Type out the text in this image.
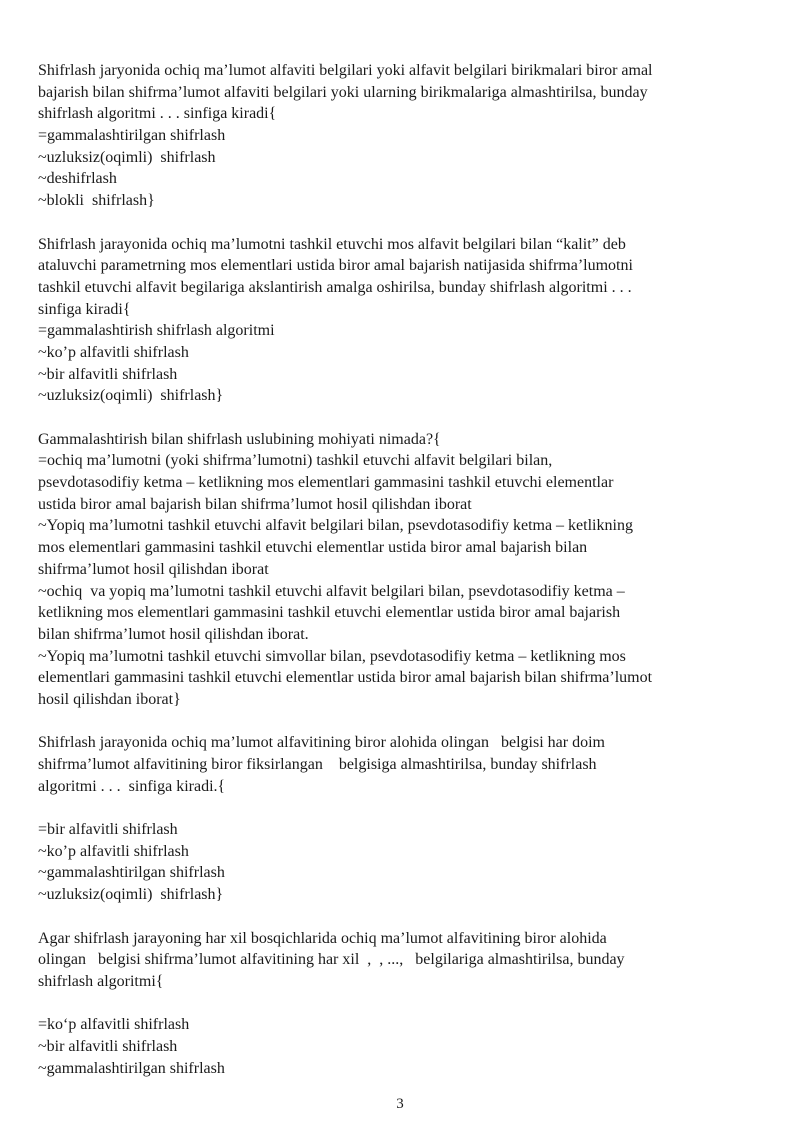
Shifrlash jaryonida ochiq ma’lumot alfaviti belgilari yoki alfavit belgilari birikmalari biror amal
bajarish bilan shifrma’lumot alfaviti belgilari yoki ularning birikmalariga almashtirilsa, bunday
shifrlash algoritmi . . . sinfiga kiradi{
=gammalashtirilgan shifrlash
~uzluksiz(oqimli)  shifrlash
~deshifrlash
~blokli  shifrlash}
Shifrlash jarayonida ochiq ma’lumotni tashkil etuvchi mos alfavit belgilari bilan “kalit” deb
ataluvchi parametrning mos elementlari ustida biror amal bajarish natijasida shifrma’lumotni
tashkil etuvchi alfavit begilariga akslantirish amalga oshirilsa, bunday shifrlash algoritmi . . .
sinfiga kiradi{
=gammalashtirish shifrlash algoritmi
~ko’p alfavitli shifrlash
~bir alfavitli shifrlash
~uzluksiz(oqimli)  shifrlash}
Gammalashtirish bilan shifrlash uslubining mohiyati nimada?{
=ochiq ma’lumotni (yoki shifrma’lumotni) tashkil etuvchi alfavit belgilari bilan,
psevdotasodifiy ketma – ketlikning mos elementlari gammasini tashkil etuvchi elementlar
ustida biror amal bajarish bilan shifrma’lumot hosil qilishdan iborat
~Yopiq ma’lumotni tashkil etuvchi alfavit belgilari bilan, psevdotasodifiy ketma – ketlikning
mos elementlari gammasini tashkil etuvchi elementlar ustida biror amal bajarish bilan
shifrma’lumot hosil qilishdan iborat
~ochiq  va yopiq ma’lumotni tashkil etuvchi alfavit belgilari bilan, psevdotasodifiy ketma –
ketlikning mos elementlari gammasini tashkil etuvchi elementlar ustida biror amal bajarish
bilan shifrma’lumot hosil qilishdan iborat.
~Yopiq ma’lumotni tashkil etuvchi simvollar bilan, psevdotasodifiy ketma – ketlikning mos
elementlari gammasini tashkil etuvchi elementlar ustida biror amal bajarish bilan shifrma’lumot
hosil qilishdan iborat}
Shifrlash jarayonida ochiq ma’lumot alfavitining biror alohida olingan   belgisi har doim
shifrma’lumot alfavitining biror fiksirlangan    belgisiga almashtirilsa, bunday shifrlash
algoritmi . . .  sinfiga kiradi.{
=bir alfavitli shifrlash
~ko’p alfavitli shifrlash
~gammalashtirilgan shifrlash
~uzluksiz(oqimli)  shifrlash}
Agar shifrlash jarayoning har xil bosqichlarida ochiq ma’lumot alfavitining biror alohida
olingan   belgisi shifrma’lumot alfavitining har xil  ,  , ...,   belgilariga almashtirilsa, bunday
shifrlash algoritmi{
=ko‘p alfavitli shifrlash
~bir alfavitli shifrlash
~gammalashtirilgan shifrlash
3
